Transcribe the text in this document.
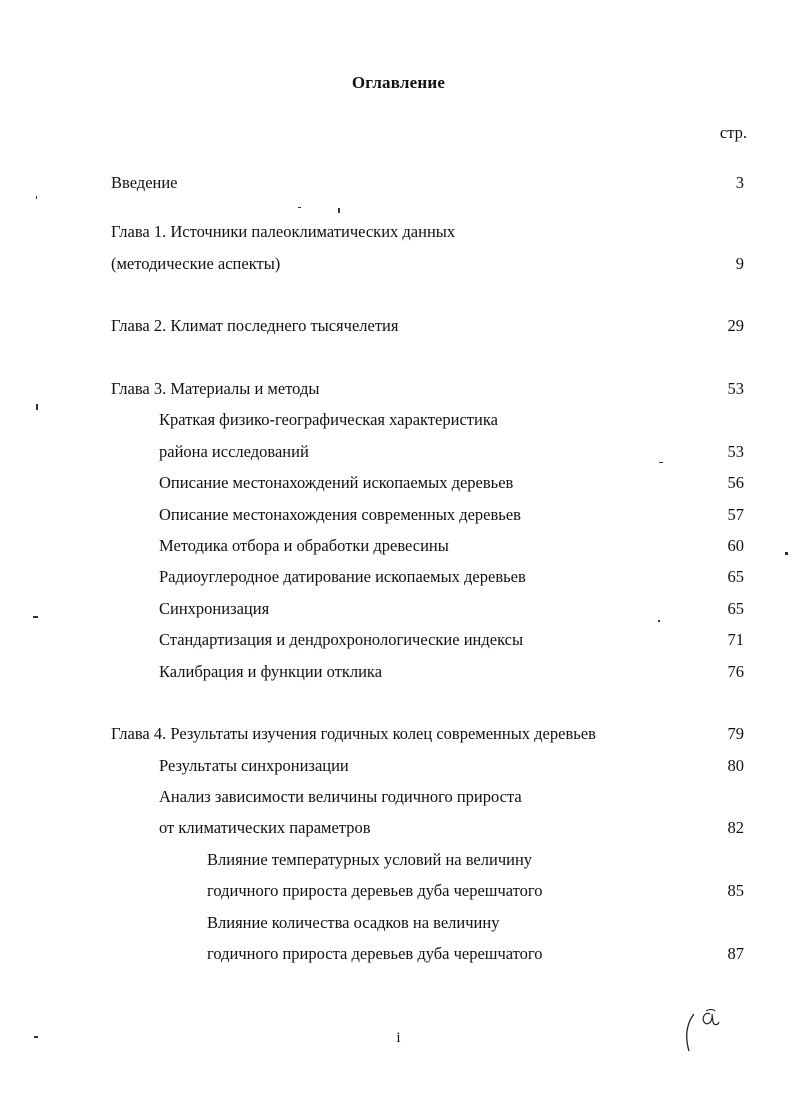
Оглавление
стр.
Введение	3
Глава 1. Источники палеоклиматических данных
(методические аспекты)	9
Глава 2. Климат последнего тысячелетия	29
Глава 3. Материалы и методы	53
Краткая физико-географическая характеристика
района исследований	53
Описание местонахождений ископаемых деревьев	56
Описание местонахождения современных деревьев	57
Методика отбора и обработки древесины	60
Радиоуглеродное датирование ископаемых деревьев	65
Синхронизация	65
Стандартизация и дендрохронологические индексы	71
Калибрация и функции отклика	76
Глава 4. Результаты изучения годичных колец современных деревьев	79
Результаты синхронизации	80
Анализ зависимости величины годичного прироста
от климатических параметров	82
Влияние температурных условий на величину
годичного прироста деревьев дуба черешчатого	85
Влияние количества осадков на величину
годичного прироста деревьев дуба черешчатого	87
i
